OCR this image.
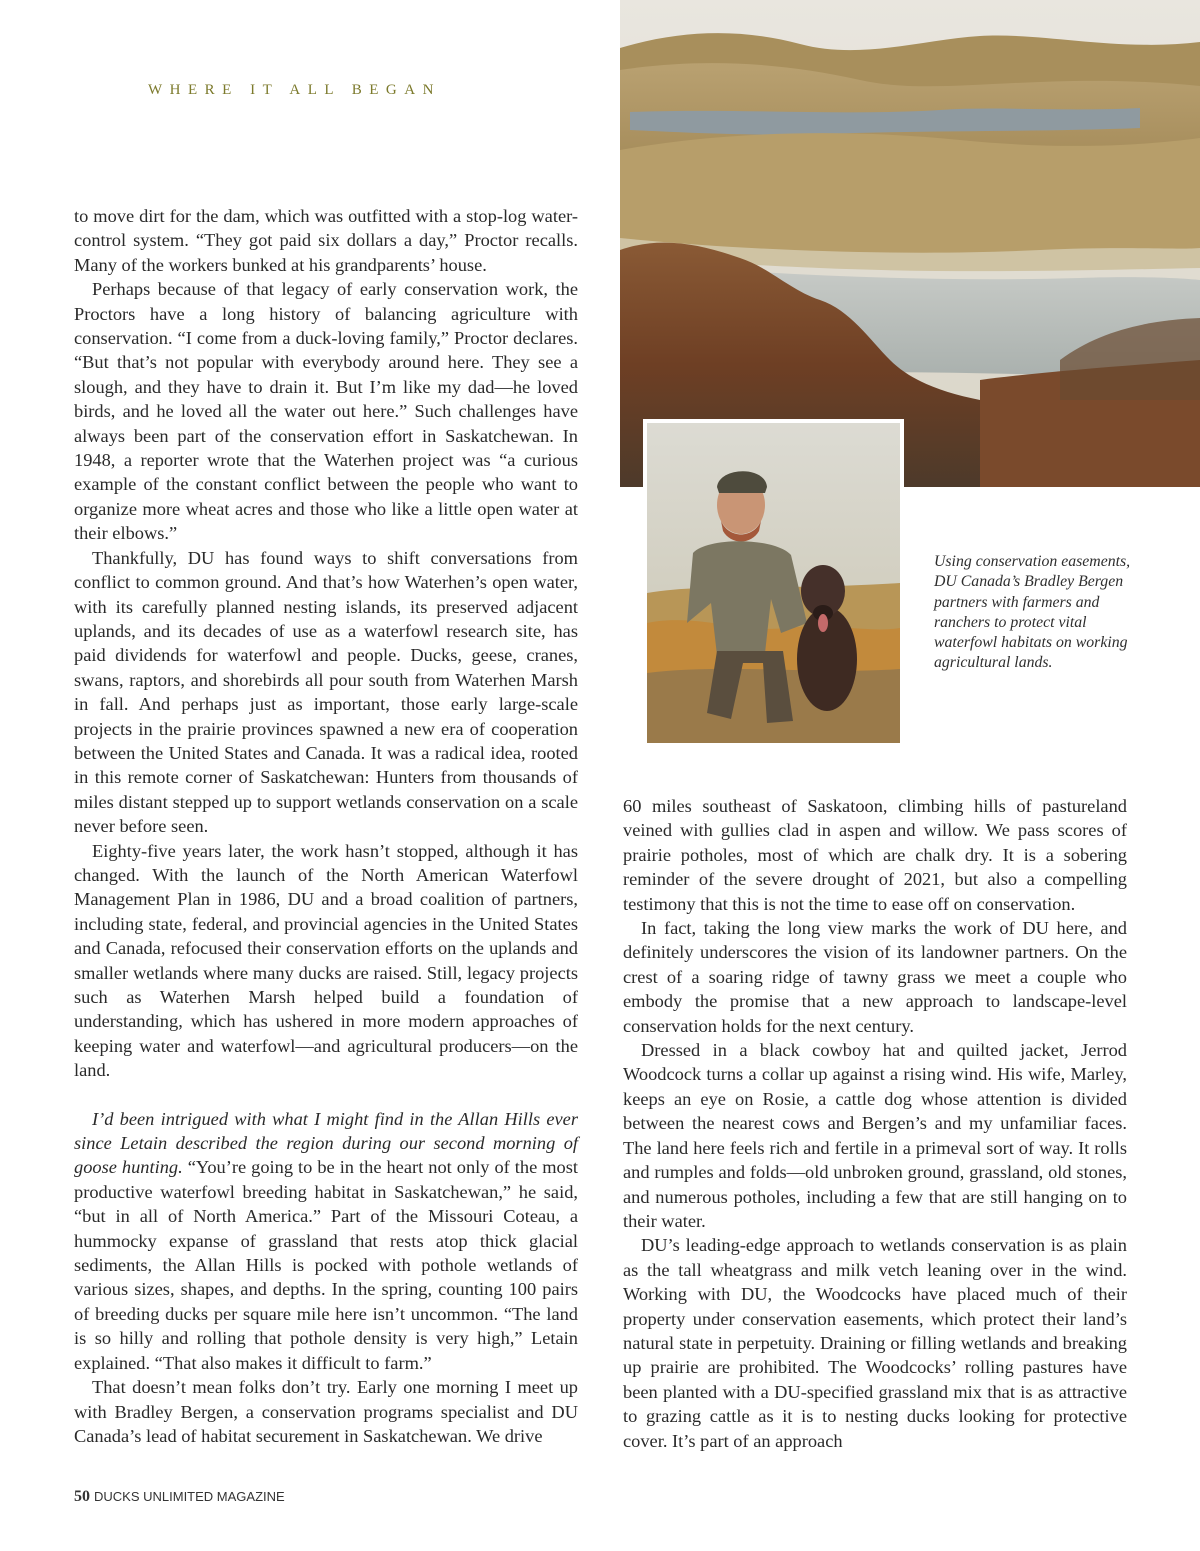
WHERE IT ALL BEGAN

Using conservation easements, DU Canada’s Bradley Bergen partners with farmers and ranchers to protect vital waterfowl habitats on working agricultural lands.

to move dirt for the dam, which was outfitted with a stop-log water-control system. “They got paid six dollars a day,” Proctor recalls. Many of the workers bunked at his grandparents’ house.

Perhaps because of that legacy of early conservation work, the Proctors have a long history of balancing agriculture with conservation. “I come from a duck-loving family,” Proctor declares. “But that’s not popular with everybody around here. They see a slough, and they have to drain it. But I’m like my dad—he loved birds, and he loved all the water out here.” Such challenges have always been part of the conservation effort in Saskatchewan. In 1948, a reporter wrote that the Waterhen project was “a curious example of the constant conflict between the people who want to organize more wheat acres and those who like a little open water at their elbows.”

Thankfully, DU has found ways to shift conversations from conflict to common ground. And that’s how Waterhen’s open water, with its carefully planned nesting islands, its preserved adjacent uplands, and its decades of use as a waterfowl research site, has paid dividends for waterfowl and people. Ducks, geese, cranes, swans, raptors, and shorebirds all pour south from Waterhen Marsh in fall. And perhaps just as important, those early large-scale projects in the prairie provinces spawned a new era of cooperation between the United States and Canada. It was a radical idea, rooted in this remote corner of Saskatchewan: Hunters from thousands of miles distant stepped up to support wetlands conservation on a scale never before seen.

Eighty-five years later, the work hasn’t stopped, although it has changed. With the launch of the North American Waterfowl Management Plan in 1986, DU and a broad coalition of partners, including state, federal, and provincial agencies in the United States and Canada, refocused their conservation efforts on the uplands and smaller wetlands where many ducks are raised. Still, legacy projects such as Waterhen Marsh helped build a foundation of understanding, which has ushered in more modern approaches of keeping water and waterfowl—and agricultural producers—on the land.

I’d been intrigued with what I might find in the Allan Hills ever since Letain described the region during our second morning of goose hunting. “You’re going to be in the heart not only of the most productive waterfowl breeding habitat in Saskatchewan,” he said, “but in all of North America.” Part of the Missouri Coteau, a hummocky expanse of grassland that rests atop thick glacial sediments, the Allan Hills is pocked with pothole wetlands of various sizes, shapes, and depths. In the spring, counting 100 pairs of breeding ducks per square mile here isn’t uncommon. “The land is so hilly and rolling that pothole density is very high,” Letain explained. “That also makes it difficult to farm.”

That doesn’t mean folks don’t try. Early one morning I meet up with Bradley Bergen, a conservation programs specialist and DU Canada’s lead of habitat securement in Saskatchewan. We drive

60 miles southeast of Saskatoon, climbing hills of pastureland veined with gullies clad in aspen and willow. We pass scores of prairie potholes, most of which are chalk dry. It is a sobering reminder of the severe drought of 2021, but also a compelling testimony that this is not the time to ease off on conservation.

In fact, taking the long view marks the work of DU here, and definitely underscores the vision of its landowner partners. On the crest of a soaring ridge of tawny grass we meet a couple who embody the promise that a new approach to landscape-level conservation holds for the next century.

Dressed in a black cowboy hat and quilted jacket, Jerrod Woodcock turns a collar up against a rising wind. His wife, Marley, keeps an eye on Rosie, a cattle dog whose attention is divided between the nearest cows and Bergen’s and my unfamiliar faces. The land here feels rich and fertile in a primeval sort of way. It rolls and rumples and folds—old unbroken ground, grassland, old stones, and numerous potholes, including a few that are still hanging on to their water.

DU’s leading-edge approach to wetlands conservation is as plain as the tall wheatgrass and milk vetch leaning over in the wind. Working with DU, the Woodcocks have placed much of their property under conservation easements, which protect their land’s natural state in perpetuity. Draining or filling wetlands and breaking up prairie are prohibited. The Woodcocks’ rolling pastures have been planted with a DU-specified grassland mix that is as attractive to grazing cattle as it is to nesting ducks looking for protective cover. It’s part of an approach

50 DUCKS UNLIMITED MAGAZINE
